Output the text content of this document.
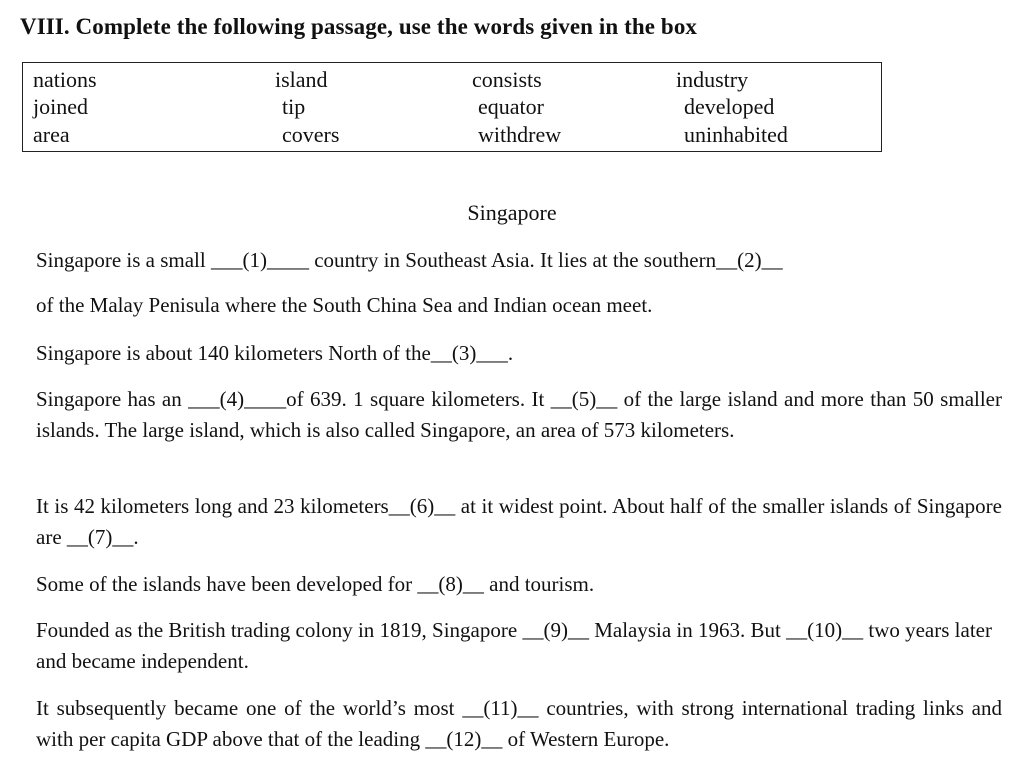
VIII. Complete the following passage, use the words given in the box
nations	island	consists	industry
joined	tip	equator	developed
area	covers	withdrew	uninhabited
Singapore
Singapore is a small ___(1)____ country in Southeast Asia. It lies at the southern__(2)__
of the Malay Penisula where the South China Sea and Indian ocean meet.
Singapore is about 140 kilometers North of the__(3)___.
Singapore has an ___(4)____of 639. 1 square kilometers. It __(5)__ of the large island and more than 50 smaller islands. The large island, which is also called Singapore, an area of 573 kilometers.
It is 42 kilometers long and 23 kilometers__(6)__ at it widest point. About half of the smaller islands of Singapore are __(7)__.
Some of the islands have been developed for __(8)__ and tourism.
Founded as the British trading colony in 1819, Singapore __(9)__ Malaysia in 1963. But __(10)__ two years later and became independent.
It subsequently became one of the world’s most __(11)__ countries, with strong international trading links and with per capita GDP above that of the leading __(12)__ of Western Europe.
